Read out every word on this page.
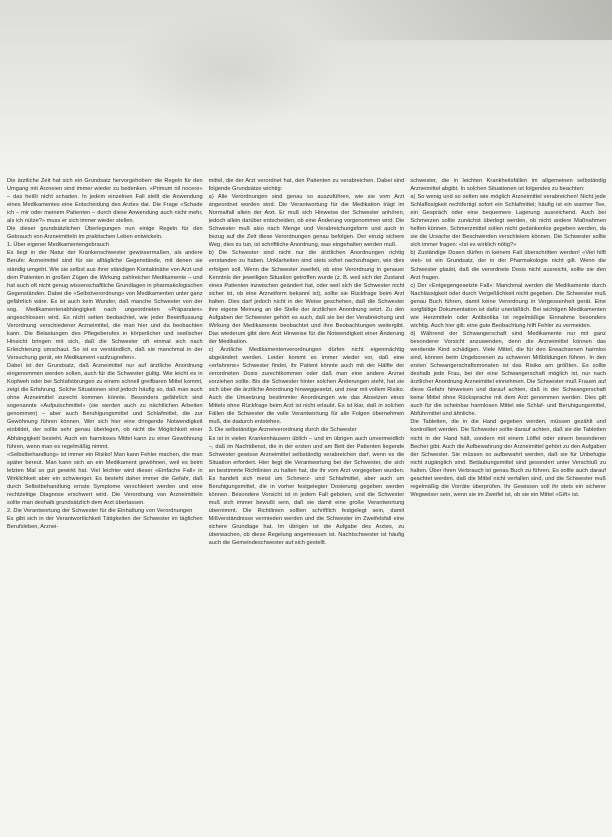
Die ärztliche Zeit hat sich ein Grundsatz hervorgehoben: die Regeln für den Umgang mit Arzneien sind immer wieder zu bedenken. «Primum nil nocere» – das heißt nicht schaden. In jedem einzelnen Fall stellt die Anwendung eines Medikamentes eine Entscheidung des Arztes dar. Die Frage «Schade ich – mir oder meinem Patienten – durch diese Anwendung auch nicht mehr, als ich nütze?» muss er sich immer wieder stellen.

Die dieser grundsätzlichen Überlegungen nun einige Regeln für den Gebrauch von Arzneimitteln im praktischen Leben entwickeln.

1. Über eigener Medikamentengebrauch

Es liegt in der Natur der Krankenschwester gewissermaßen, als andere Berufe: Arzneimittel sind für sie alltägliche Gegenstände, mit denen sie ständig umgeht. Wie sie selbst aus ihrer ständigen Kontaktnähe von Arzt und dem Patienten in großen Zügen die Wirkung zahlreicher Medikamente – und hat auch oft nicht genug wissenschaftliche Grundlagen in pharmakologischen Gegenständen. Dabei die «Selbstverordnung» von Medikamenten unter ganz gefährlich wäre. Es ist auch kein Wunder, daß manche Schwester von der sog. Medikamentenabhängigkeit nach ungeordneten «Präparaten» angeschlossen wird. Es nicht selten beobachtet, wie jeder Beeinflussung Verordnung verschiedener Arzneimittel, die man hier und da beobachten kann. Die Belastungen des Pflegeberufes in körperlicher und seelischer Hinsicht bringen mit sich, daß die Schwester oft einmal sich nach Erleichterung umschaut. So ist es verständlich, daß sie manchmal in der Versuchung gerät, ein Medikament «aufzugreifen».

Dabei ist der Grundsatz, daß Arzneimittel nur auf ärztliche Anordnung eingenommen werden sollen, auch für die Schwester gültig. Wie leicht es in Kopfweh oder bei Schlafstörungen zu einem schnell greifbaren Mittel kommt, zeigt die Erfahrung. Solche Situationen sind jedoch häufig so, daß man auch ohne Arzneimittel zurecht kommen könnte. Besonders gefährlich sind sogenannte «Aufputschmittel» (sie werden auch zu nächtlichen Arbeiten genommen) – aber auch Beruhigungsmittel und Schlafmittel, die zur Gewöhnung führen können. Wer sich hier eine dringende Notwendigkeit einbildet, der sollte sehr genau überlegen, ob nicht die Möglichkeit einer Abhängigkeit besteht. Auch ein harmloses Mittel kann zu einer Gewöhnung führen, wenn man es regelmäßig nimmt.

«Selbstbehandlung» ist immer ein Risiko! Man kann Fehler machen, die man später bereut. Man kann sich an ein Medikament gewöhnen, weil es beim letzten Mal so gut gewirkt hat. Viel leichter wird dieser «Einfache Fall» in Wirklichkeit aber ein schwieriger. Es besteht daher immer die Gefahr, daß durch Selbstbehandlung ernste Symptome verschleiert werden und eine rechtzeitige Diagnose erschwert wird. Die Verordnung von Arzneimitteln sollte man deshalb grundsätzlich dem Arzt überlassen.

2. Die Verantwortung der Schwester für die Einhaltung von Verordnungen

Es gibt sich in der Verantwortlichkeit Tätigkeiten der Schwester im täglichen Berufsleben, Arznei-

mittel, die der Arzt verordnet hat, den Patienten zu verabreichen. Dabei sind folgende Grundsätze wichtig:

a) Alle Verordnungen sind genau so auszuführen, wie sie vom Arzt angeordnet worden sind. Die Verantwortung für die Medikation trägt im Normalfall allein der Arzt. Er muß sich Hinweise der Schwester anhören, jedoch allein darüber entscheiden, ob eine Änderung vorgenommen wird. Die Schwester muß also nach Menge und Verabreichungsform und auch in bezug auf die Zeit diese Verordnungen genau befolgen. Der einzig sichere Weg, dies zu tun, ist schriftliche Anordnung, was eingehalten werden muß.

b) Die Schwester sind nicht nur die ärztlichen Anordnungen richtig verstanden zu haben. Unklarheiten sind stets sofort nachzufragen, wie dies erfolgen soll. Wenn die Schwester zweifelt, ob eine Verordnung in genauer Kenntnis der jeweiligen Situation getroffen wurde (z. B. weil sich der Zustand eines Patienten inzwischen geändert hat, oder weil sich die Schwester nicht sicher ist, ob eine Arzneiform bekannt ist), sollte sie Rückfrage beim Arzt halten. Dies darf jedoch nicht in der Weise geschehen, daß die Schwester ihre eigene Meinung an die Stelle der ärztlichen Anordnung setzt. Zu den Aufgaben der Schwester gehört es auch, daß sie bei der Verabreichung und Wirkung der Medikamente beobachtet und ihre Beobachtungen weitergibt. Das wiederum gibt dem Arzt Hinweise für die Notwendigkeit einer Änderung der Medikation.

c) Ärztliche Medikamentenverordnungen dürfen nicht eigenmächtig abgeändert werden. Leider kommt es immer wieder vor, daß eine «erfahrene» Schwester findet, ihr Patient könnte auch mit der Hälfte der verordneten Dosis zurechtkommen oder daß man eine andere Arznei vorziehen sollte. Bis die Schwester hinter solchen Änderungen steht, hat sie sich über die ärztliche Anordnung hinweggesetzt, und zwar mit vollem Risiko. Auch die Umsetzung bestimmter Anordnungen wie das Absetzen eines Mittels ohne Rückfrage beim Arzt ist nicht erlaubt. Es ist klar, daß in solchen Fällen die Schwester die volle Verantwortung für alle Folgen übernehmen muß, die dadurch entstehen.

3. Die selbständige Arzneiverordnung durch die Schwester

Es ist in vielen Krankenhäusern üblich – und im übrigen auch unvermeidlich –, daß im Nachtdienst, die in der ersten und am Bett der Patienten liegende Schwester gewisse Arzneimittel selbständig verabreichen darf, wenn es die Situation erfordert. Hier liegt die Verantwortung bei der Schwester, die sich an bestimmte Richtlinien zu halten hat, die ihr vom Arzt vorgegeben wurden. Es handelt sich meist um Schmerz- und Schlafmittel, aber auch um Beruhigungsmittel, die in vorher festgelegter Dosierung gegeben werden können. Besondere Vorsicht ist in jedem Fall geboten, und die Schwester muß sich immer bewußt sein, daß sie damit eine große Verantwortung übernimmt. Die Richtlinien sollten schriftlich festgelegt sein, damit Mißverständnisse vermieden werden und die Schwester im Zweifelsfall eine sichere Grundlage hat. Im übrigen ist die Aufgabe des Arztes, zu überwachen, ob diese Regelung angemessen ist. Nachtschwester ist häufig auch die Gemeindeschwester auf sich gestellt.

schwester, die in leichten Krankheitsfällen im allgemeinen selbständig Arzneimittel abgibt. In solchen Situationen ist folgendes zu beachten:

a) So wenig und so selten wie möglich Arzneimittel verabreichen! Nicht jede Schlaflosigkeit rechtfertigt sofort ein Schlafmittel; häufig ist ein warmer Tee, ein Gespräch oder eine bequemere Lagerung ausreichend. Auch bei Schmerzen sollte zunächst überlegt werden, ob nicht andere Maßnahmen helfen können. Schmerzmittel sollen nicht gedankenlos gegeben werden, da sie die Ursache der Beschwerden verschleiern können. Die Schwester sollte sich immer fragen: «Ist es wirklich nötig?»

b) Zuständige Dosen dürfen in keinem Fall überschritten werden! «Viel hilft viel» ist ein Grundsatz, der in der Pharmakologie nicht gilt. Wenn die Schwester glaubt, daß die verordnete Dosis nicht ausreicht, sollte sie den Arzt fragen.

c) Der «Entgegengesetzte Fall»: Manchmal werden die Medikamente durch Nachlässigkeit oder durch Vergeßlichkeit nicht gegeben. Die Schwester muß genau Buch führen, damit keine Verordnung in Vergessenheit gerät. Eine sorgfältige Dokumentation ist dafür unerläßlich. Bei wichtigen Medikamenten wie Herzmitteln oder Antibiotika ist regelmäßige Einnahme besonders wichtig. Auch hier gilt: eine gute Beobachtung hilft Fehler zu vermeiden.

d) Während der Schwangerschaft sind Medikamente nur mit ganz besonderer Vorsicht anzuwenden, denn die Arzneimittel können das werdende Kind schädigen. Viele Mittel, die für den Erwachsenen harmlos sind, können beim Ungeborenen zu schweren Mißbildungen führen. In den ersten Schwangerschaftsmonaten ist das Risiko am größten. Es sollte deshalb jede Frau, bei der eine Schwangerschaft möglich ist, nur nach ärztlicher Anordnung Arzneimittel einnehmen. Die Schwester muß Frauen auf diese Gefahr hinweisen und darauf achten, daß in der Schwangerschaft keine Mittel ohne Rücksprache mit dem Arzt genommen werden. Dies gilt auch für die scheinbar harmlosen Mittel wie Schlaf- und Beruhigungsmittel, Abführmittel und ähnliche.

Die Tabletten, die in die Hand gegeben werden, müssen gezählt und kontrolliert werden. Die Schwester sollte darauf achten, daß sie die Tabletten nicht in der Hand hält, sondern mit einem Löffel oder einem besonderen Becher gibt. Auch die Aufbewahrung der Arzneimittel gehört zu den Aufgaben der Schwester. Sie müssen so aufbewahrt werden, daß sie für Unbefugte nicht zugänglich sind. Betäubungsmittel sind gesondert unter Verschluß zu halten. Über ihren Verbrauch ist genau Buch zu führen. Es sollte auch darauf geachtet werden, daß die Mittel nicht verfallen sind, und die Schwester muß regelmäßig die Vorräte überprüfen. Ihr Gewissen soll ihr stets ein sicherer Wegweiser sein, wenn sie im Zweifel ist, ob sie ein Mittel «Gift» ist.
